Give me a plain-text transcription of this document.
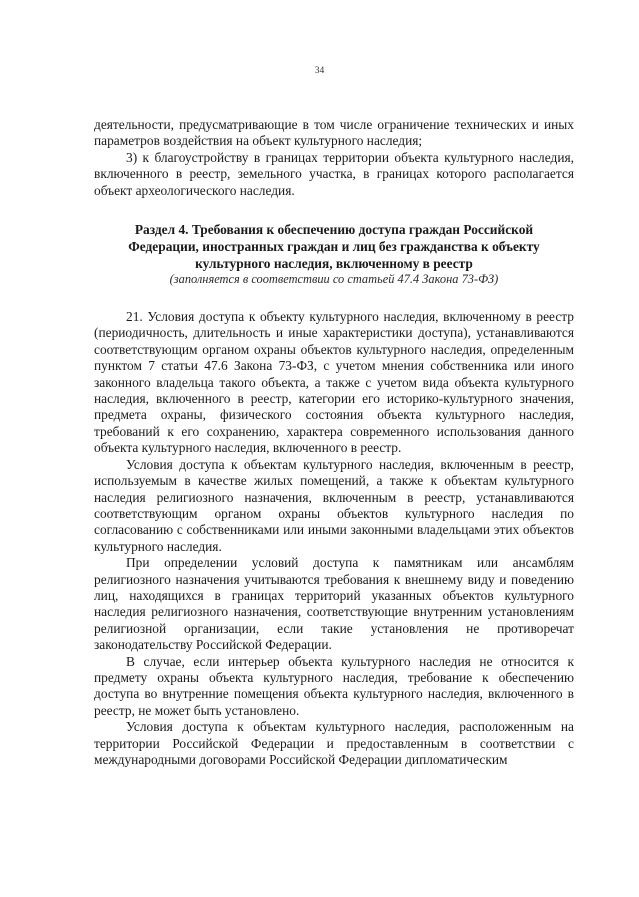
34

деятельности, предусматривающие в том числе ограничение технических и иных параметров воздействия на объект культурного наследия;

3) к благоустройству в границах территории объекта культурного наследия, включенного в реестр, земельного участка, в границах которого располагается объект археологического наследия.

Раздел 4. Требования к обеспечению доступа граждан Российской Федерации, иностранных граждан и лиц без гражданства к объекту культурного наследия, включенному в реестр
(заполняется в соответствии со статьей 47.4 Закона 73-ФЗ)

21. Условия доступа к объекту культурного наследия, включенному в реестр (периодичность, длительность и иные характеристики доступа), устанавливаются соответствующим органом охраны объектов культурного наследия, определенным пунктом 7 статьи 47.6 Закона 73-ФЗ, с учетом мнения собственника или иного законного владельца такого объекта, а также с учетом вида объекта культурного наследия, включенного в реестр, категории его историко-культурного значения, предмета охраны, физического состояния объекта культурного наследия, требований к его сохранению, характера современного использования данного объекта культурного наследия, включенного в реестр.

Условия доступа к объектам культурного наследия, включенным в реестр, используемым в качестве жилых помещений, а также к объектам культурного наследия религиозного назначения, включенным в реестр, устанавливаются соответствующим органом охраны объектов культурного наследия по согласованию с собственниками или иными законными владельцами этих объектов культурного наследия.

При определении условий доступа к памятникам или ансамблям религиозного назначения учитываются требования к внешнему виду и поведению лиц, находящихся в границах территорий указанных объектов культурного наследия религиозного назначения, соответствующие внутренним установлениям религиозной организации, если такие установления не противоречат законодательству Российской Федерации.

В случае, если интерьер объекта культурного наследия не относится к предмету охраны объекта культурного наследия, требование к обеспечению доступа во внутренние помещения объекта культурного наследия, включенного в реестр, не может быть установлено.

Условия доступа к объектам культурного наследия, расположенным на территории Российской Федерации и предоставленным в соответствии с международными договорами Российской Федерации дипломатическим
